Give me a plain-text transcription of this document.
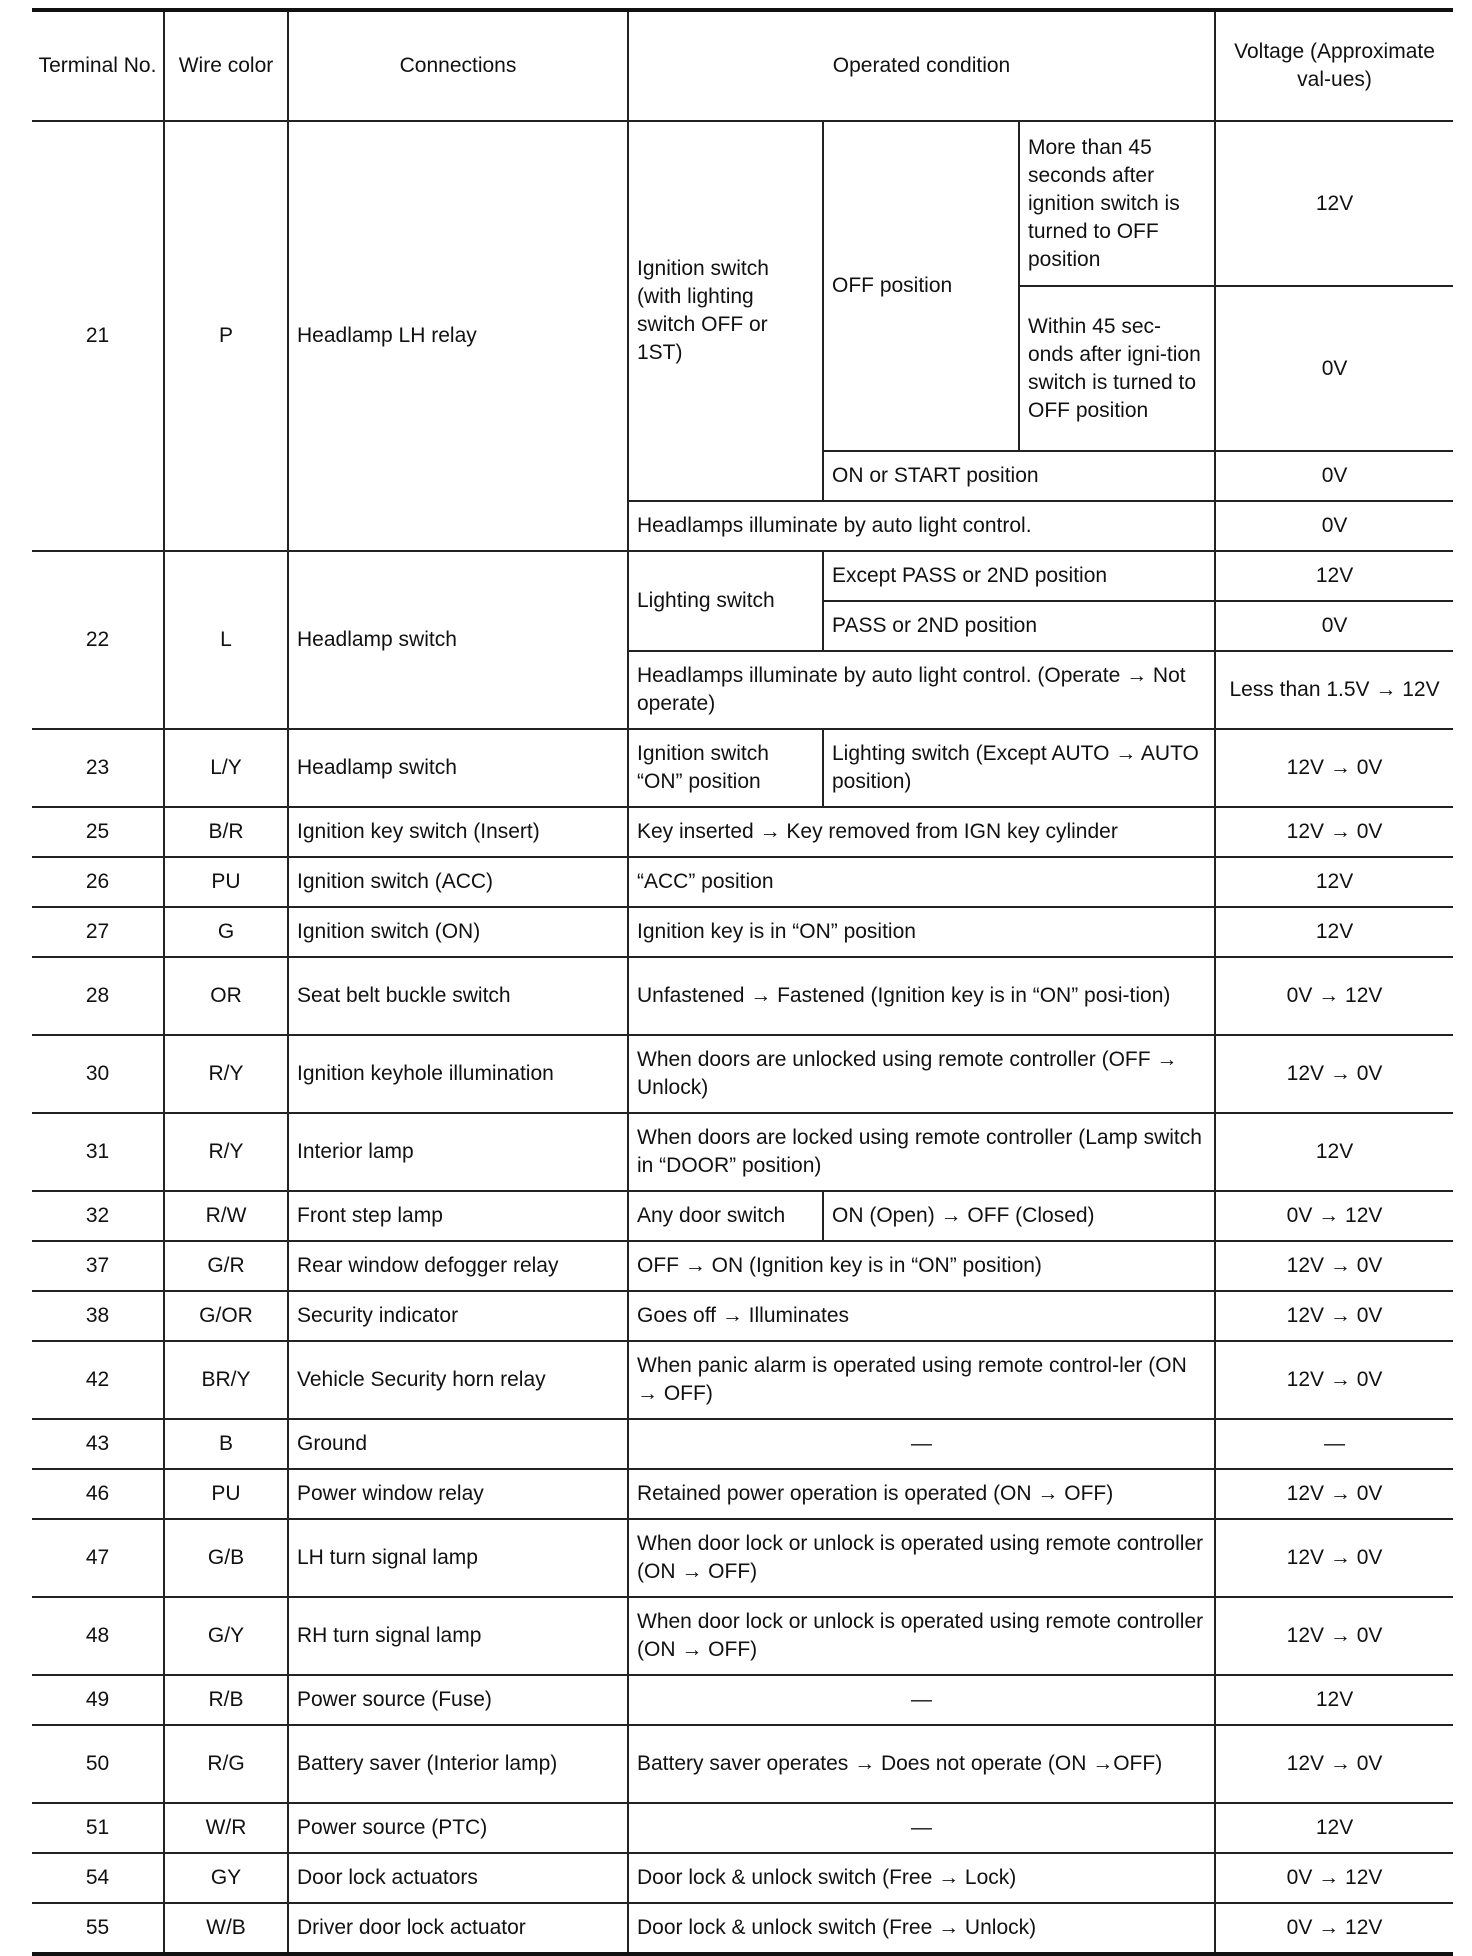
Terminal No.	Wire color	Connections	Operated condition			Voltage (Approximate val-ues)
21	P	Headlamp LH relay	Ignition switch (with lighting switch OFF or 1ST)	OFF position	More than 45 seconds after ignition switch is turned to OFF position	12V
					Within 45 sec-onds after igni-tion switch is turned to OFF position	0V
				ON or START position		0V
			Headlamps illuminate by auto light control.			0V
22	L	Headlamp switch	Lighting switch	Except PASS or 2ND position		12V
				PASS or 2ND position		0V
			Headlamps illuminate by auto light control. (Operate → Not operate)			Less than 1.5V → 12V
23	L/Y	Headlamp switch	Ignition switch “ON” position	Lighting switch (Except AUTO → AUTO position)		12V → 0V
25	B/R	Ignition key switch (Insert)	Key inserted → Key removed from IGN key cylinder			12V → 0V
26	PU	Ignition switch (ACC)	“ACC” position			12V
27	G	Ignition switch (ON)	Ignition key is in “ON” position			12V
28	OR	Seat belt buckle switch	Unfastened → Fastened (Ignition key is in “ON” posi-tion)			0V → 12V
30	R/Y	Ignition keyhole illumination	When doors are unlocked using remote controller (OFF → Unlock)			12V → 0V
31	R/Y	Interior lamp	When doors are locked using remote controller (Lamp switch in “DOOR” position)			12V
32	R/W	Front step lamp	Any door switch	ON (Open) → OFF (Closed)		0V → 12V
37	G/R	Rear window defogger relay	OFF → ON (Ignition key is in “ON” position)			12V → 0V
38	G/OR	Security indicator	Goes off → Illuminates			12V → 0V
42	BR/Y	Vehicle Security horn relay	When panic alarm is operated using remote control-ler (ON → OFF)			12V → 0V
43	B	Ground	—			—
46	PU	Power window relay	Retained power operation is operated (ON → OFF)			12V → 0V
47	G/B	LH turn signal lamp	When door lock or unlock is operated using remote controller (ON → OFF)			12V → 0V
48	G/Y	RH turn signal lamp	When door lock or unlock is operated using remote controller (ON → OFF)			12V → 0V
49	R/B	Power source (Fuse)	—			12V
50	R/G	Battery saver (Interior lamp)	Battery saver operates → Does not operate (ON →OFF)			12V → 0V
51	W/R	Power source (PTC)	—			12V
54	GY	Door lock actuators	Door lock & unlock switch (Free → Lock)			0V → 12V
55	W/B	Driver door lock actuator	Door lock & unlock switch (Free → Unlock)			0V → 12V
